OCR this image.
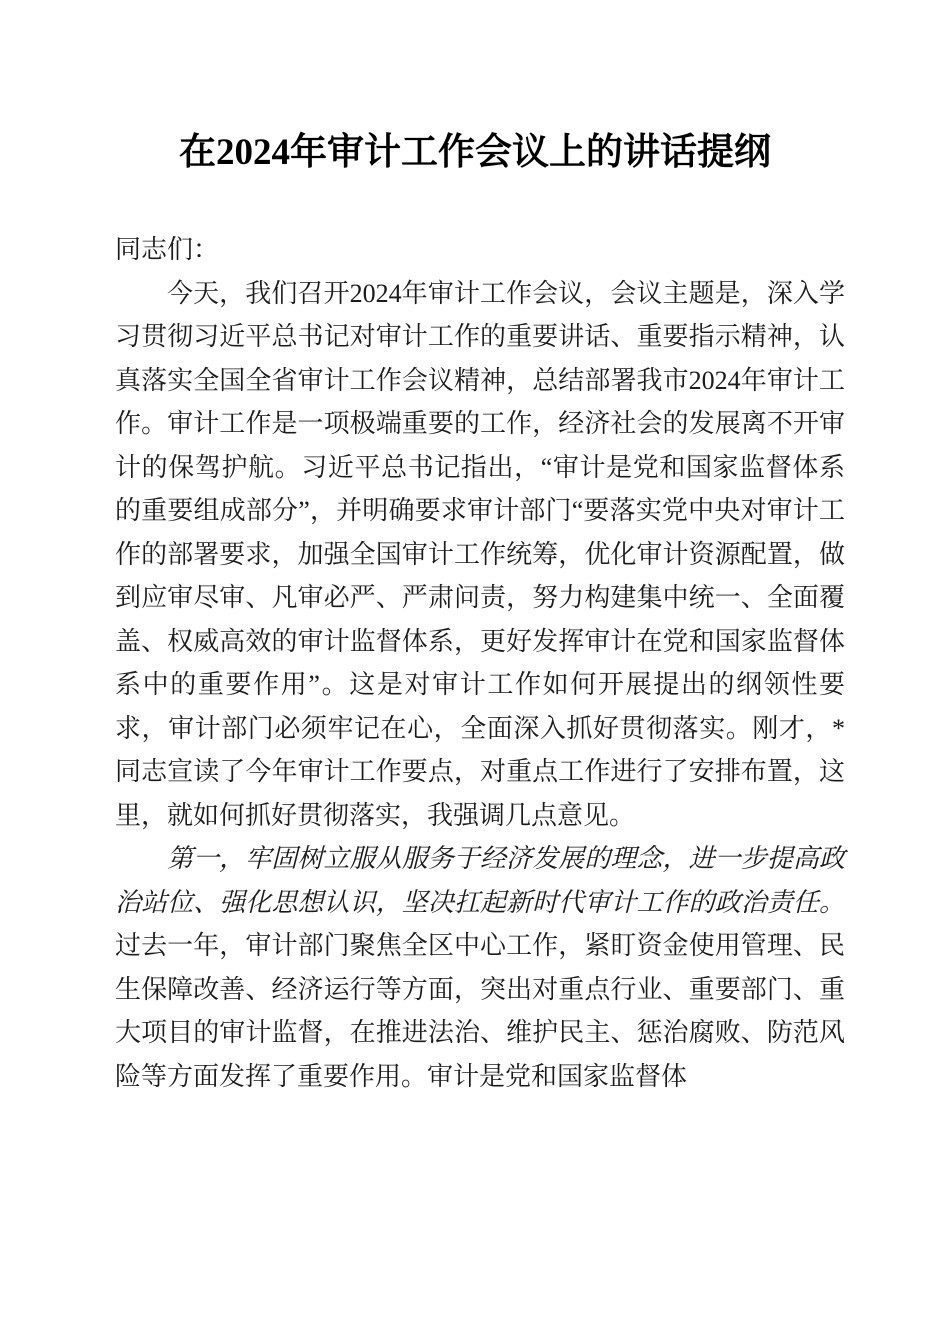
在2024年审计工作会议上的讲话提纲

同志们：

今天，我们召开2024年审计工作会议，会议主题是，深入学习贯彻习近平总书记对审计工作的重要讲话、重要指示精神，认真落实全国全省审计工作会议精神，总结部署我市2024年审计工作。审计工作是一项极端重要的工作，经济社会的发展离不开审计的保驾护航。习近平总书记指出，“审计是党和国家监督体系的重要组成部分”，并明确要求审计部门“要落实党中央对审计工作的部署要求，加强全国审计工作统筹，优化审计资源配置，做到应审尽审、凡审必严、严肃问责，努力构建集中统一、全面覆盖、权威高效的审计监督体系，更好发挥审计在党和国家监督体系中的重要作用”。这是对审计工作如何开展提出的纲领性要求，审计部门必须牢记在心，全面深入抓好贯彻落实。刚才，*同志宣读了今年审计工作要点，对重点工作进行了安排布置，这里，就如何抓好贯彻落实，我强调几点意见。

第一，牢固树立服从服务于经济发展的理念，进一步提高政治站位、强化思想认识，坚决扛起新时代审计工作的政治责任。过去一年，审计部门聚焦全区中心工作，紧盯资金使用管理、民生保障改善、经济运行等方面，突出对重点行业、重要部门、重大项目的审计监督，在推进法治、维护民主、惩治腐败、防范风险等方面发挥了重要作用。审计是党和国家监督体
